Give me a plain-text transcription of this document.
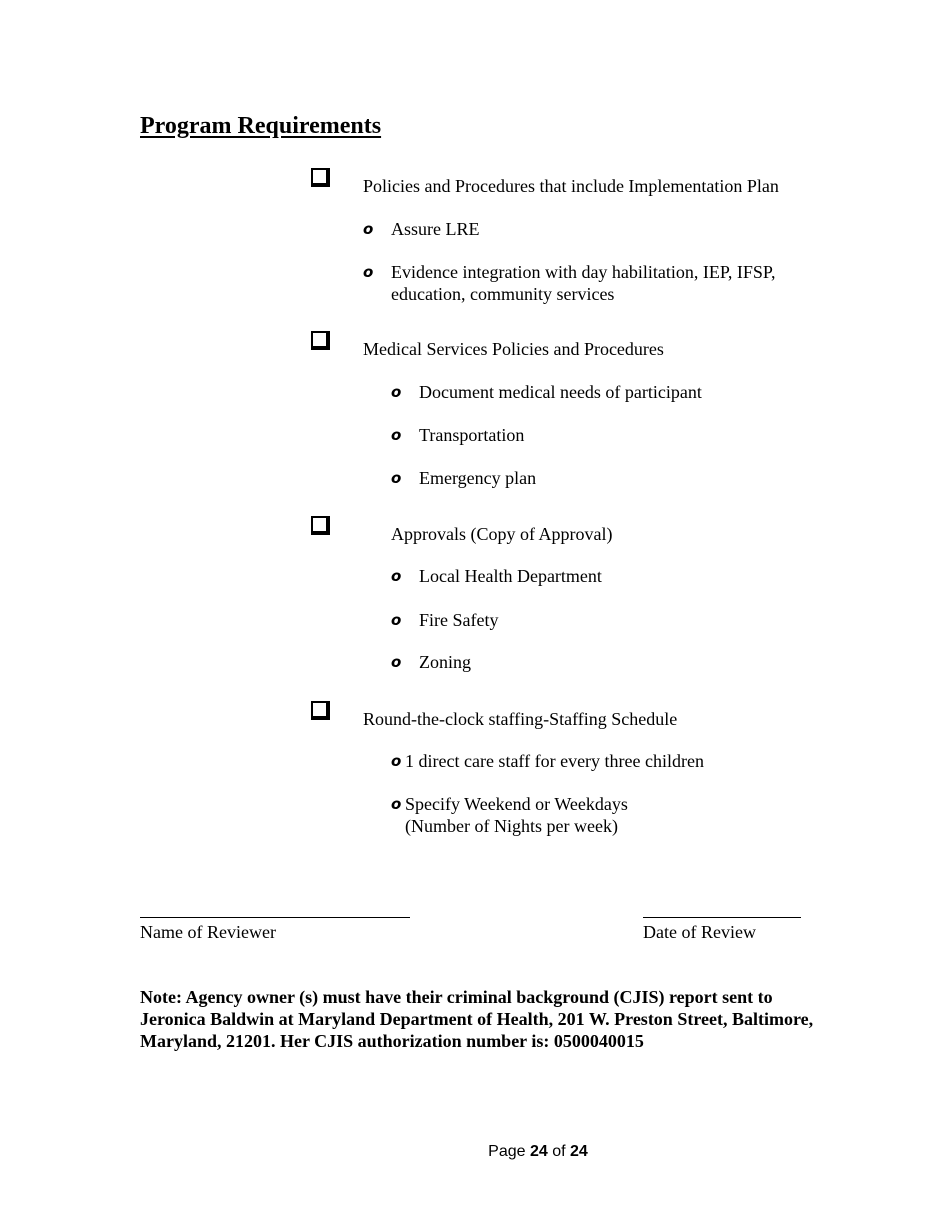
Program Requirements
Policies and Procedures that include Implementation Plan
o Assure LRE
o Evidence integration with day habilitation, IEP, IFSP,
education, community services
Medical Services Policies and Procedures
o Document medical needs of participant
o Transportation
o Emergency plan
Approvals (Copy of Approval)
o Local Health Department
o Fire Safety
o Zoning
Round-the-clock staffing-Staffing Schedule
o 1 direct care staff for every three children
o Specify Weekend or Weekdays
(Number of Nights per week)
Name of Reviewer	Date of Review
Note: Agency owner (s) must have their criminal background (CJIS) report sent to Jeronica Baldwin at Maryland Department of Health, 201 W. Preston Street, Baltimore, Maryland, 21201. Her CJIS authorization number is: 0500040015
Page 24 of 24
